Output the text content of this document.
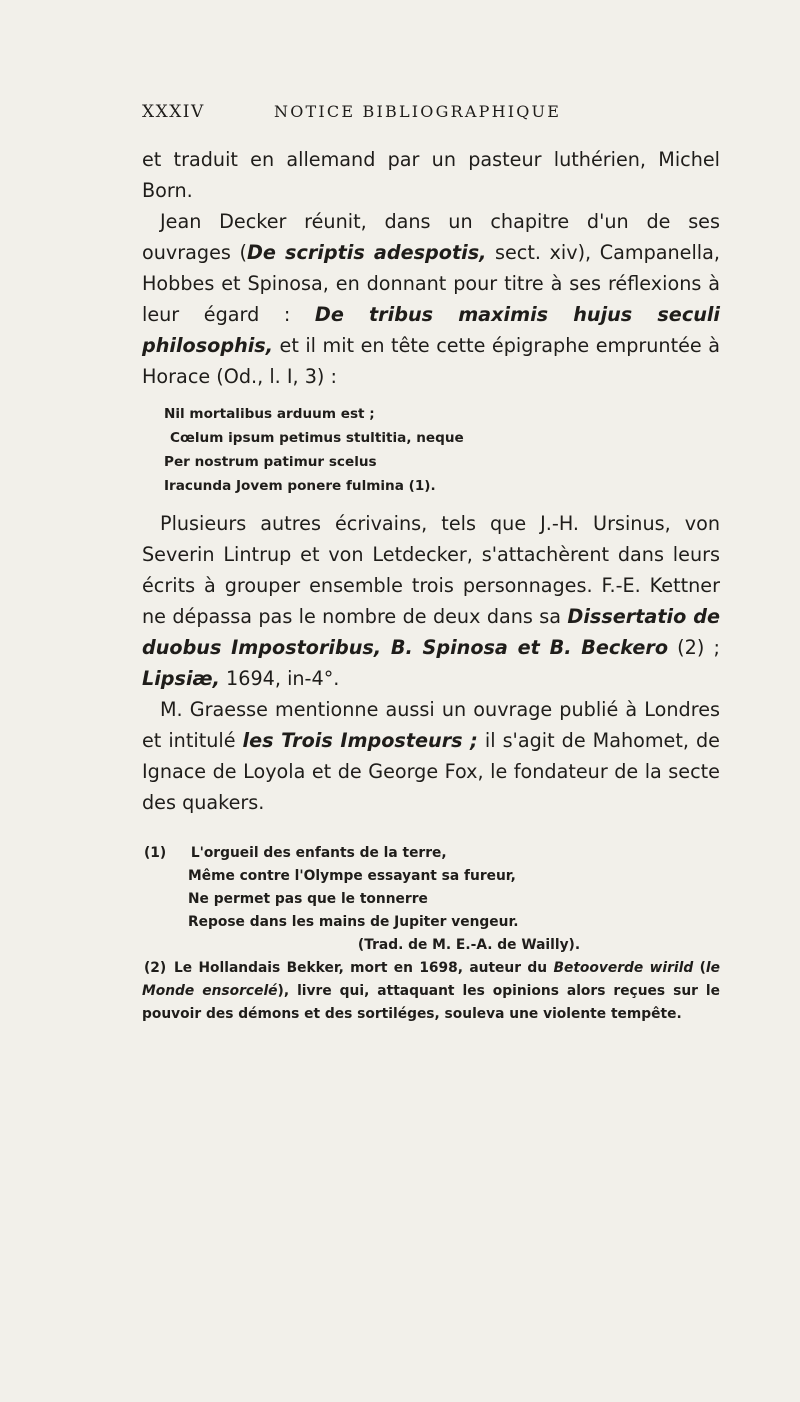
XXXIV	NOTICE BIBLIOGRAPHIQUE

et traduit en allemand par un pasteur luthérien, Michel Born.

Jean Decker réunit, dans un chapitre d'un de ses ouvrages (De scriptis adespotis, sect. xiv), Campanella, Hobbes et Spinosa, en donnant pour titre à ses réflexions à leur égard : De tribus maximis hujus seculi philosophis, et il mit en tête cette épigraphe empruntée à Horace (Od., l. I, 3) :

Nil mortalibus arduum est ;
Cœlum ipsum petimus stultitia, neque
Per nostrum patimur scelus
Iracunda Jovem ponere fulmina (1).

Plusieurs autres écrivains, tels que J.-H. Ursinus, von Severin Lintrup et von Letdecker, s'attachèrent dans leurs écrits à grouper ensemble trois personnages. F.-E. Kettner ne dépassa pas le nombre de deux dans sa Dissertatio de duobus Impostoribus, B. Spinosa et B. Beckero (2) ; Lipsiæ, 1694, in-4°.

M. Graesse mentionne aussi un ouvrage publié à Londres et intitulé les Trois Imposteurs ; il s'agit de Mahomet, de Ignace de Loyola et de George Fox, le fondateur de la secte des quakers.

(1) L'orgueil des enfants de la terre,
Même contre l'Olympe essayant sa fureur,
Ne permet pas que le tonnerre
Repose dans les mains de Jupiter vengeur.
(Trad. de M. E.-A. de Wailly).
(2) Le Hollandais Bekker, mort en 1698, auteur du Betooverde wirild (le Monde ensorcelé), livre qui, attaquant les opinions alors reçues sur le pouvoir des démons et des sortiléges, souleva une violente tempête.
